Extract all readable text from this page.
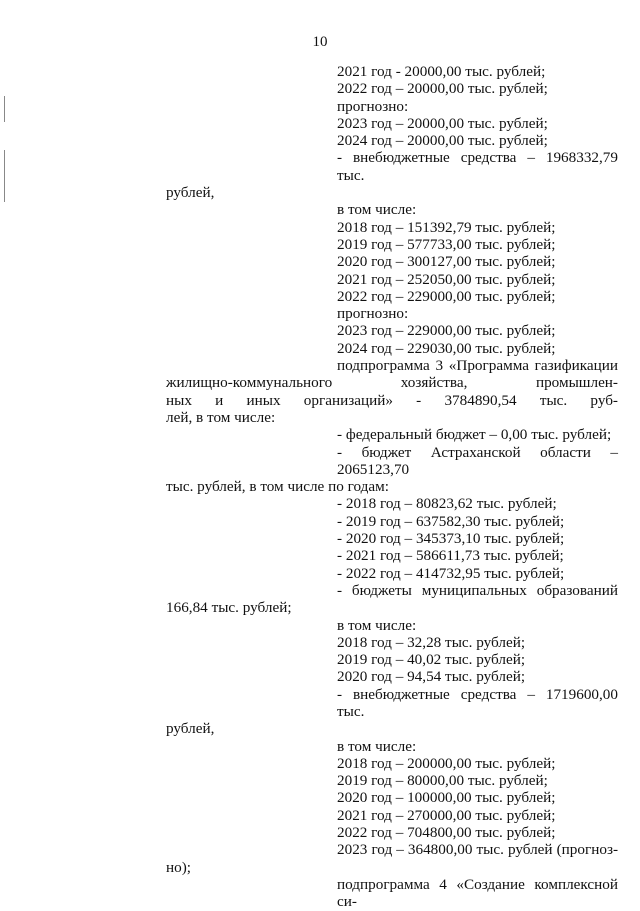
10
2021 год - 20000,00 тыс. рублей;
2022 год – 20000,00 тыс. рублей;
прогнозно:
2023 год – 20000,00 тыс. рублей;
2024 год – 20000,00 тыс. рублей;
- внебюджетные средства – 1968332,79 тыс.
рублей,
в том числе:
2018 год – 151392,79 тыс. рублей;
2019 год – 577733,00 тыс. рублей;
2020 год – 300127,00 тыс. рублей;
2021 год – 252050,00 тыс. рублей;
2022 год – 229000,00 тыс. рублей;
прогнозно:
2023 год – 229000,00 тыс. рублей;
2024 год – 229030,00 тыс. рублей;
подпрограмма 3 «Программа газификации
жилищно-коммунального хозяйства, промышлен-
ных и иных организаций» - 3784890,54 тыс. руб-
лей, в том числе:
- федеральный бюджет – 0,00 тыс. рублей;
- бюджет Астраханской области – 2065123,70
тыс. рублей, в том числе по годам:
- 2018 год – 80823,62 тыс. рублей;
- 2019 год – 637582,30 тыс. рублей;
- 2020 год – 345373,10 тыс. рублей;
- 2021 год – 586611,73 тыс. рублей;
- 2022 год – 414732,95 тыс. рублей;
- бюджеты муниципальных образований
166,84 тыс. рублей;
в том числе:
2018 год – 32,28 тыс. рублей;
2019 год – 40,02 тыс. рублей;
2020 год – 94,54 тыс. рублей;
- внебюджетные средства – 1719600,00 тыс.
рублей,
в том числе:
2018 год – 200000,00 тыс. рублей;
2019 год – 80000,00 тыс. рублей;
2020 год – 100000,00 тыс. рублей;
2021 год – 270000,00 тыс. рублей;
2022 год – 704800,00 тыс. рублей;
2023 год – 364800,00 тыс. рублей (прогноз-
но);
подпрограмма 4 «Создание комплексной си-
